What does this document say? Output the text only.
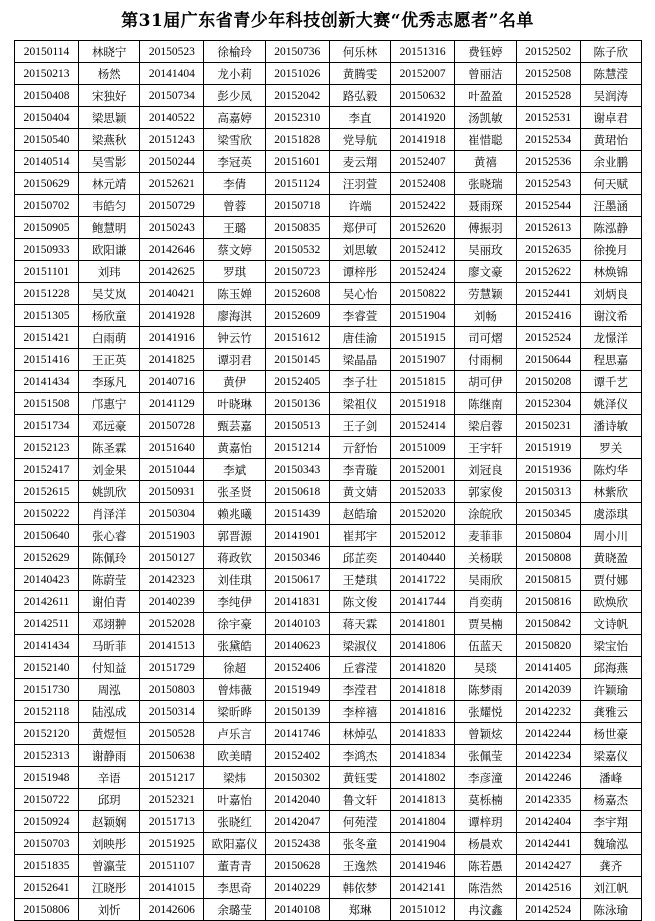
第31届广东省青少年科技创新大赛“优秀志愿者”名单
20150114	林晓宁	20150523	徐榆玲	20150736	何乐林	20151316	费钰婷	20152502	陈子欣
20150213	杨然	20141404	龙小莉	20151026	黄腾雯	20152007	曾丽洁	20152508	陈慧滢
20150408	宋独好	20150734	彭少凤	20152042	路弘毅	20150632	叶盈盈	20152528	吴润涛
20150404	梁思颖	20140522	高嘉婷	20152310	李直	20141920	汤凯敏	20152531	谢卓君
20150540	梁燕秋	20151243	梁雪欣	20151828	党导航	20141918	崔惜聪	20152534	黄珺怡
20140514	吴雪影	20150244	李冠英	20151601	麦云翔	20152407	黄禧	20152536	余业鹏
20150629	林元靖	20152621	李倩	20151124	汪羽萱	20152408	张晓瑞	20152543	何天赋
20150702	韦皓匀	20150729	曾蓉	20150718	许端	20152422	聂雨琛	20152544	汪墨涵
20150905	鲍慧明	20150243	王璐	20150835	郑伊可	20152620	傅振羽	20152613	陈泓静
20150933	欧阳谦	20142646	蔡文婷	20150532	刘思敏	20152412	吴丽玫	20152635	徐挽月
20151101	刘玮	20142625	罗琪	20150723	谭梓彤	20152424	廖文豪	20152622	林焕锦
20151228	吴艾岚	20140421	陈玉婵	20152608	吴心怡	20150822	劳慧颖	20152441	刘炳良
20151305	杨欣童	20141928	廖海淇	20152609	李睿萱	20151904	刘畅	20152416	谢汶希
20151421	白雨萌	20141916	钟云竹	20151612	唐佳渝	20151915	司可熠	20152524	龙憬洋
20151416	王正英	20141825	谭羽君	20150145	梁晶晶	20151907	付雨桐	20150644	程思嘉
20141434	李琢凡	20140716	黄伊	20152405	李子壮	20151815	胡可伊	20150208	谭千艺
20151508	邝惠宁	20141129	叶晓琳	20150136	梁祖仪	20151918	陈继南	20152304	姚泽仪
20151734	邓远豪	20150728	甄芸嘉	20150513	王子剑	20152414	梁启蓉	20150231	潘诗敏
20152123	陈圣霖	20151640	黄嘉怡	20151214	亓舒怡	20151009	王宇轩	20151919	罗关
20152417	刘金果	20151044	李斌	20150343	李青璇	20152001	刘冠良	20151936	陈灼华
20152615	姚凯欣	20150931	张圣贤	20150618	黄文婧	20152033	郭家俊	20150313	林紫欣
20150222	肖泽洋	20150304	赖兆曦	20151439	赵皓瑜	20152020	涂皖欣	20150345	虞添琪
20150640	张心睿	20151903	郭晋源	20141901	崔邦宇	20152012	麦菲菲	20150804	周小川
20152629	陈佩玲	20150127	蒋政钦	20150346	邱芷奕	20140440	关杨联	20150808	黄晓盈
20140423	陈蔚莹	20142323	刘佳琪	20150617	王楚琪	20141722	吴雨欣	20150815	贾付娜
20142611	谢伯青	20140239	李纯伊	20141831	陈文俊	20141744	肖奕萌	20150816	欧焕欣
20142511	邓翊翀	20152028	徐宇豪	20140103	蒋天霖	20141801	贾昊楠	20150842	文诗帆
20141434	马昕菲	20141513	张黛皓	20140623	梁淑仪	20141806	伍蓝天	20150820	梁宝怡
20152140	付知益	20151729	徐超	20152406	丘睿滢	20141820	吴琰	20141405	邱海燕
20151730	周泓	20150803	曾炜薇	20151949	李滢君	20141818	陈梦雨	20142039	许颖瑜
20152118	陆泓成	20150314	梁昕晔	20150139	李梓禧	20141816	张耀悦	20142232	龚雅云
20152120	黄煜恒	20150528	卢乐言	20141746	林焯弘	20141833	曾颖炫	20142244	杨世豪
20152313	谢静雨	20150638	欧美晴	20152402	李鸿杰	20141834	张佩莹	20142234	梁嘉仪
20151948	辛语	20151217	梁炜	20150302	黄钰雯	20141802	李彦潼	20142246	潘峰
20150722	邱玥	20152321	叶嘉怡	20142040	鲁文轩	20141813	莫栎楠	20142335	杨嘉杰
20150924	赵颖娴	20151713	张晓红	20142047	何苑滢	20141804	谭梓玥	20142404	李宇翔
20150703	刘映彤	20151925	欧阳嘉仪	20152438	张冬童	20141904	杨晨欢	20142441	魏瑜泓
20151835	曾瀛莹	20151107	董青青	20150628	王逸然	20141946	陈若愚	20142427	龚齐
20152641	江晓彤	20141015	李思奇	20140229	韩依梦	20142141	陈浩然	20142516	刘江帆
20150806	刘忻	20142606	余璐莹	20140108	郑琳	20151012	冉汶鑫	20142524	陈泳瑜
